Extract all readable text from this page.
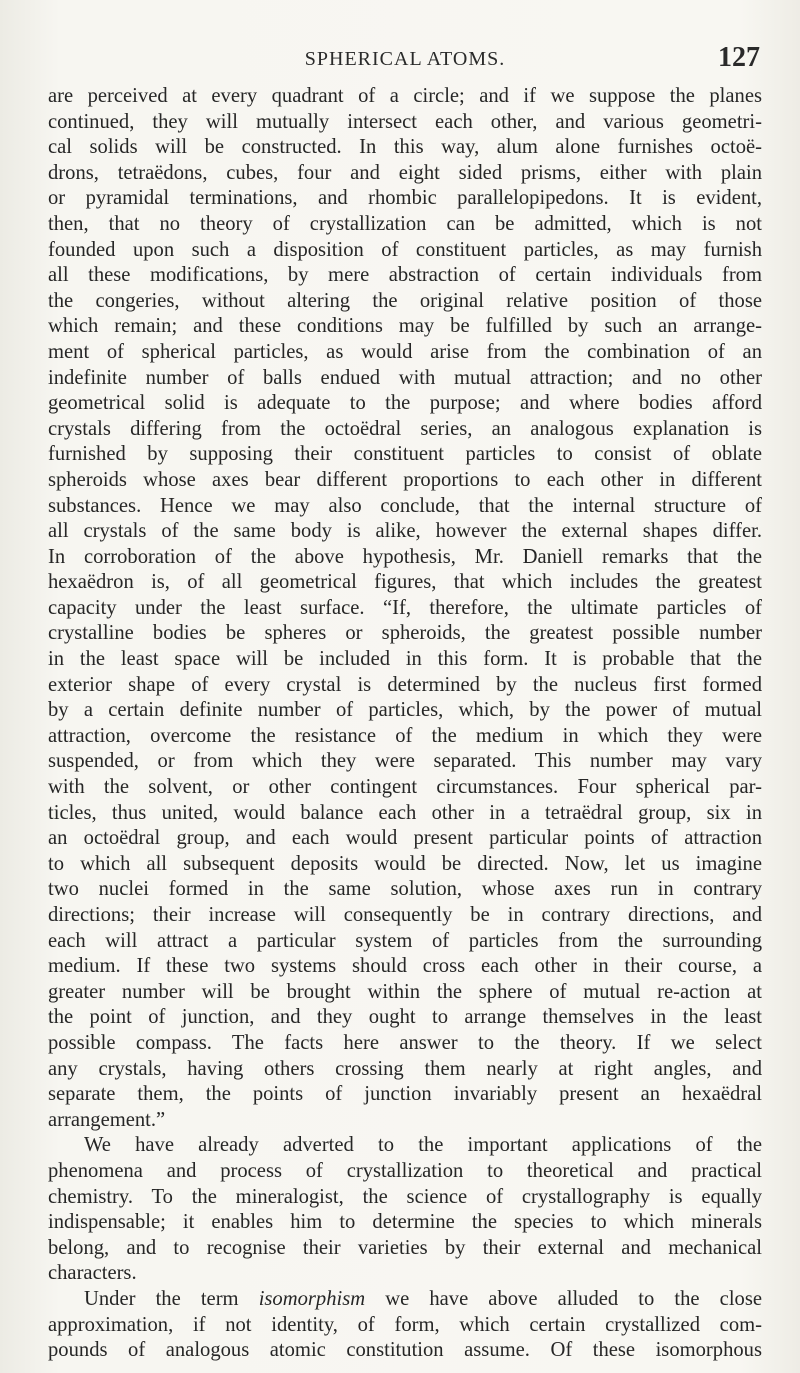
SPHERICAL ATOMS.	127
are perceived at every quadrant of a circle; and if we suppose the planes
continued, they will mutually intersect each other, and various geometri-
cal solids will be constructed. In this way, alum alone furnishes octoë-
drons, tetraëdons, cubes, four and eight sided prisms, either with plain
or pyramidal terminations, and rhombic parallelopipedons. It is evident,
then, that no theory of crystallization can be admitted, which is not
founded upon such a disposition of constituent particles, as may furnish
all these modifications, by mere abstraction of certain individuals from
the congeries, without altering the original relative position of those
which remain; and these conditions may be fulfilled by such an arrange-
ment of spherical particles, as would arise from the combination of an
indefinite number of balls endued with mutual attraction; and no other
geometrical solid is adequate to the purpose; and where bodies afford
crystals differing from the octoëdral series, an analogous explanation is
furnished by supposing their constituent particles to consist of oblate
spheroids whose axes bear different proportions to each other in different
substances. Hence we may also conclude, that the internal structure of
all crystals of the same body is alike, however the external shapes differ.
In corroboration of the above hypothesis, Mr. Daniell remarks that the
hexaëdron is, of all geometrical figures, that which includes the greatest
capacity under the least surface. “If, therefore, the ultimate particles of
crystalline bodies be spheres or spheroids, the greatest possible number
in the least space will be included in this form. It is probable that the
exterior shape of every crystal is determined by the nucleus first formed
by a certain definite number of particles, which, by the power of mutual
attraction, overcome the resistance of the medium in which they were
suspended, or from which they were separated. This number may vary
with the solvent, or other contingent circumstances. Four spherical par-
ticles, thus united, would balance each other in a tetraëdral group, six in
an octoëdral group, and each would present particular points of attraction
to which all subsequent deposits would be directed. Now, let us imagine
two nuclei formed in the same solution, whose axes run in contrary
directions; their increase will consequently be in contrary directions, and
each will attract a particular system of particles from the surrounding
medium. If these two systems should cross each other in their course, a
greater number will be brought within the sphere of mutual re-action at
the point of junction, and they ought to arrange themselves in the least
possible compass. The facts here answer to the theory. If we select
any crystals, having others crossing them nearly at right angles, and
separate them, the points of junction invariably present an hexaëdral
arrangement.”
We have already adverted to the important applications of the
phenomena and process of crystallization to theoretical and practical
chemistry. To the mineralogist, the science of crystallography is equally
indispensable; it enables him to determine the species to which minerals
belong, and to recognise their varieties by their external and mechanical
characters.
Under the term isomorphism we have above alluded to the close
approximation, if not identity, of form, which certain crystallized com-
pounds of analogous atomic constitution assume. Of these isomorphous
